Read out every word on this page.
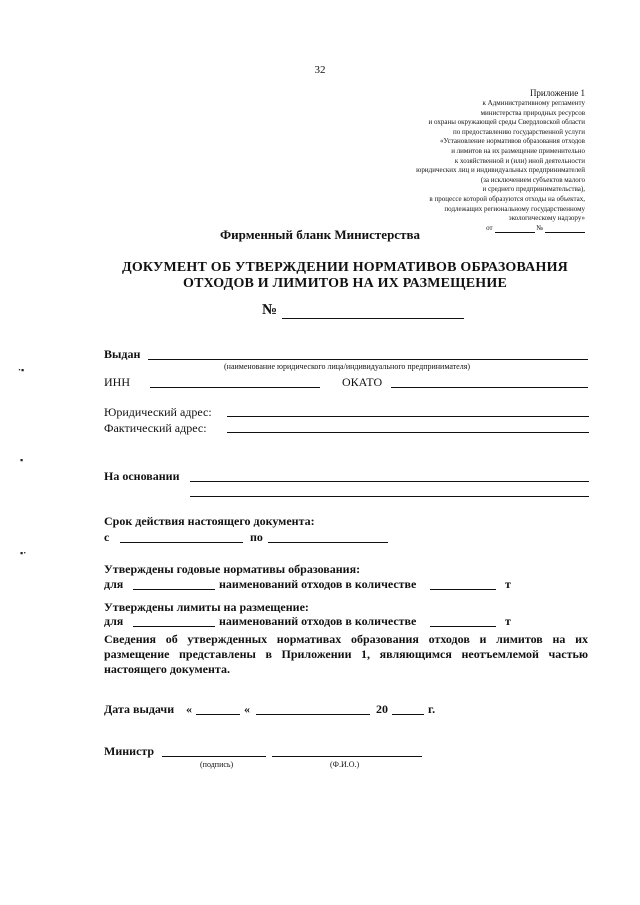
32
Приложение 1
к Административному регламенту
министерства природных ресурсов
и охраны окружающей среды Свердловской области
по предоставлению государственной услуги
«Установление нормативов образования отходов
и лимитов на их размещение применительно
к хозяйственной и (или) иной деятельности
юридических лиц и индивидуальных предпринимателей
(за исключением субъектов малого
и среднего предпринимательства),
в процессе которой образуются отходы на объектах,
подлежащих региональному государственному
экологическому надзору»
от	№
Фирменный бланк Министерства
ДОКУМЕНТ ОБ УТВЕРЖДЕНИИ НОРМАТИВОВ ОБРАЗОВАНИЯ
ОТХОДОВ И ЛИМИТОВ НА ИХ РАЗМЕЩЕНИЕ
№
Выдан
(наименование юридического лица/индивидуального предпринимателя)
ИНН	ОКАТО
Юридический адрес:
Фактический адрес:
На основании
Срок действия настоящего документа:
с	по
Утверждены годовые нормативы образования:
для	наименований отходов в количестве	т
Утверждены лимиты на размещение:
для	наименований отходов в количестве	т
Сведения об утвержденных нормативах образования отходов и лимитов на их размещение представлены в Приложении 1, являющимся неотъемлемой частью настоящего документа.
Дата выдачи «	«	20	г.
Министр
(подпись)	(Ф.И.О.)
·▪
▪
▪·
